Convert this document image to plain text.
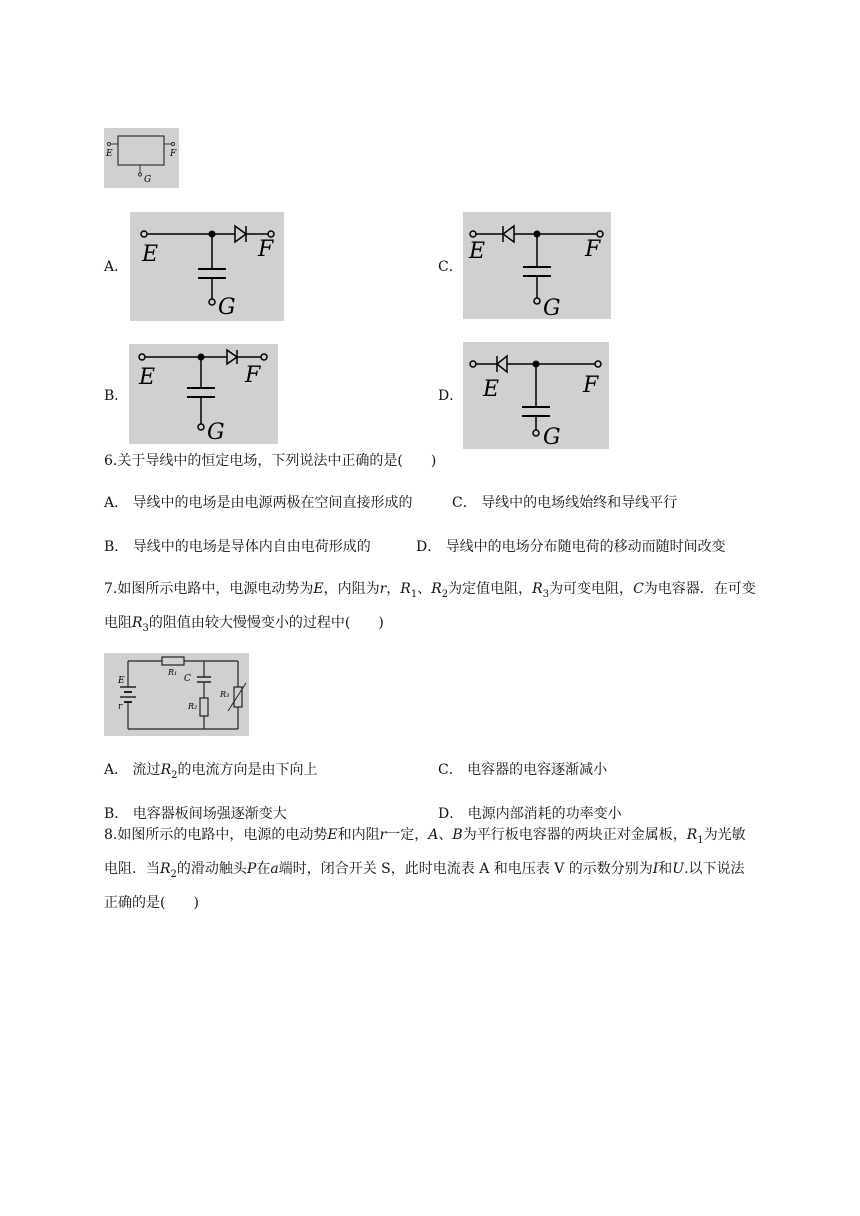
E	F
G
A． E	F
G
C．
E	F
G
B．
E	F
G
D． E	F
G
6.关于导线中的恒定电场，下列说法中正确的是(　　)
A． 导线中的电场是由电源两极在空间直接形成的	C． 导线中的电场线始终和导线平行
B． 导线中的电场是导体内自由电荷形成的	D． 导线中的电场分布随电荷的移动而随时间改变
7.如图所示电路中，电源电动势为E，内阻为r，$R_1$、$R_2$为定值电阻，$R_3$为可变电阻，C为电容器．在可变电阻$R_3$的阻值由较大慢慢变小的过程中(　　)
E
r
R₁
C
R₂
R₃
A． 流过$R_2$的电流方向是由下向上	C． 电容器的电容逐渐减小
B． 电容器板间场强逐渐变大	D． 电源内部消耗的功率变小
8.如图所示的电路中，电源的电动势E和内阻r一定，A、B为平行板电容器的两块正对金属板，$R_1$为光敏电阻．当$R_2$的滑动触头P在a端时，闭合开关 S，此时电流表 A 和电压表 V 的示数分别为I和U.以下说法正确的是(　　)
